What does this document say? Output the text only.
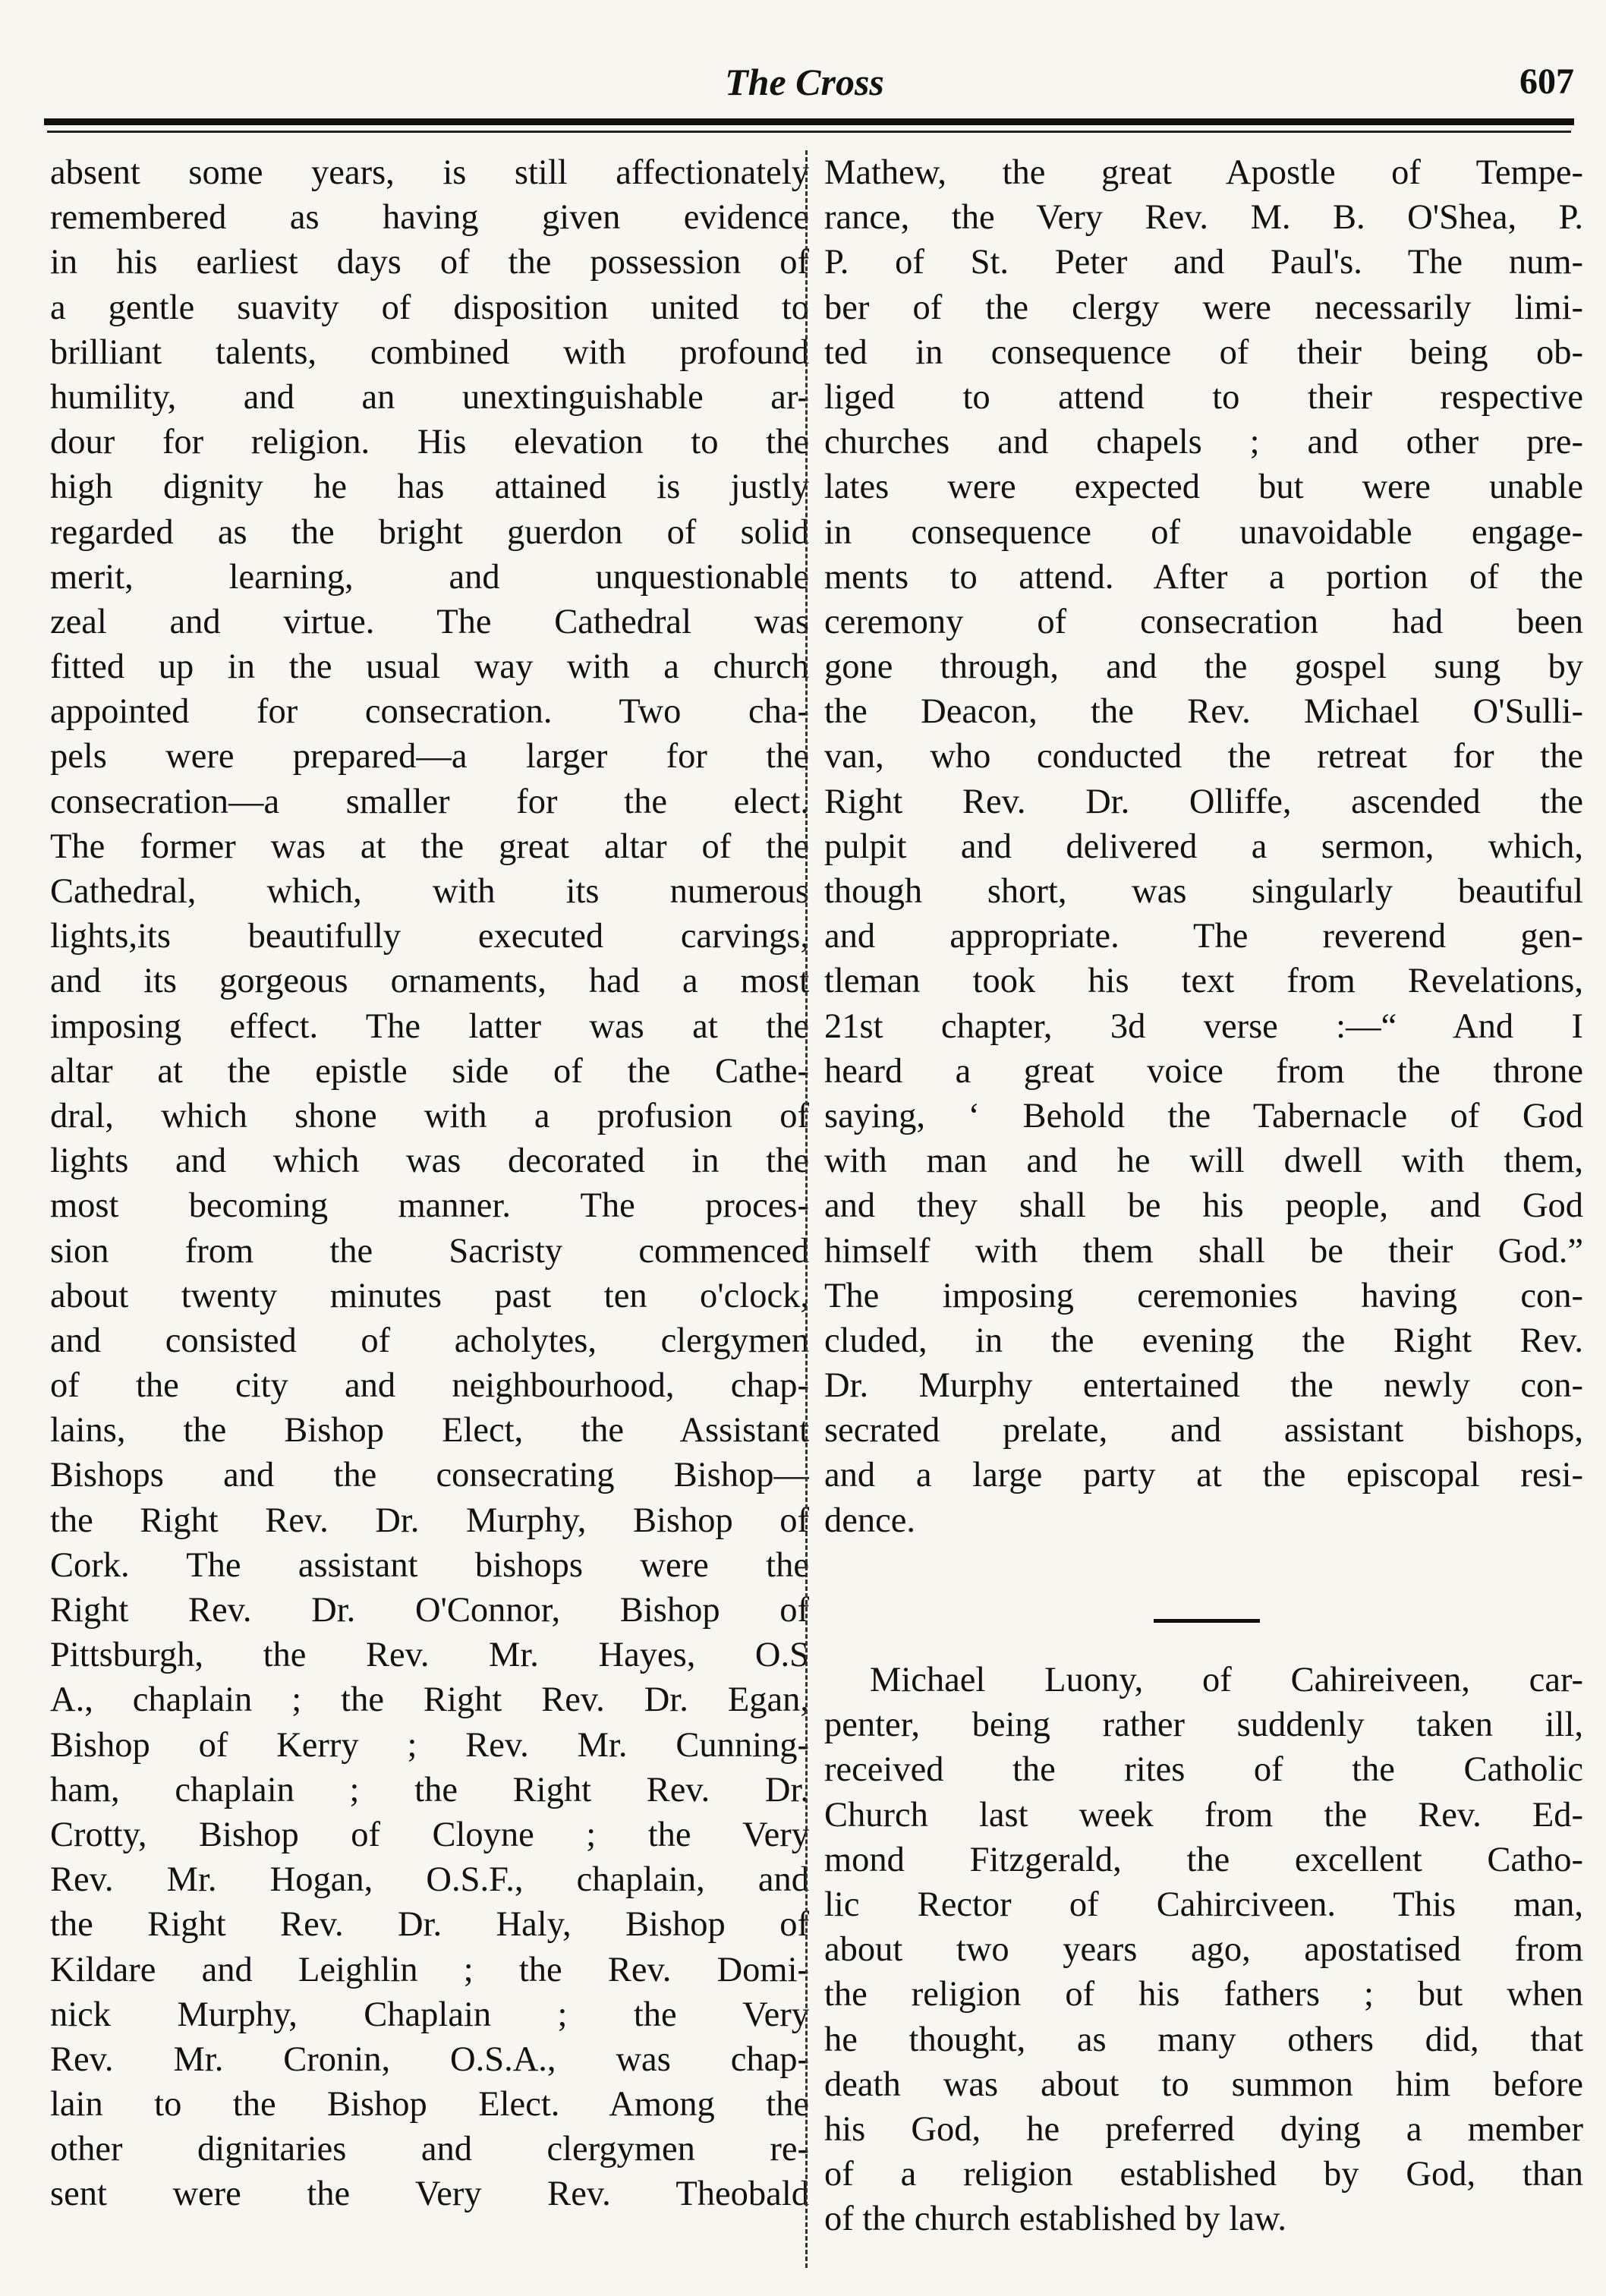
The Cross	607
absent some years, is still affectionately
remembered as having given evidence
in his earliest days of the possession of
a gentle suavity of disposition united to
brilliant talents, combined with profound
humility, and an unextinguishable ar-
dour for religion. His elevation to the
high dignity he has attained is justly
regarded as the bright guerdon of solid
merit, learning, and unquestionable
zeal and virtue. The Cathedral was
fitted up in the usual way with a church
appointed for consecration. Two cha-
pels were prepared—a larger for the
consecration—a smaller for the elect.
The former was at the great altar of the
Cathedral, which, with its numerous
lights,its beautifully executed carvings,
and its gorgeous ornaments, had a most
imposing effect. The latter was at the
altar at the epistle side of the Cathe-
dral, which shone with a profusion of
lights and which was decorated in the
most becoming manner. The proces-
sion from the Sacristy commenced
about twenty minutes past ten o'clock,
and consisted of acholytes, clergymen
of the city and neighbourhood, chap-
lains, the Bishop Elect, the Assistant
Bishops and the consecrating Bishop—
the Right Rev. Dr. Murphy, Bishop of
Cork. The assistant bishops were the
Right Rev. Dr. O'Connor, Bishop of
Pittsburgh, the Rev. Mr. Hayes, O.S
A., chaplain ; the Right Rev. Dr. Egan,
Bishop of Kerry ; Rev. Mr. Cunning-
ham, chaplain ; the Right Rev. Dr.
Crotty, Bishop of Cloyne ; the Very
Rev. Mr. Hogan, O.S.F., chaplain, and
the Right Rev. Dr. Haly, Bishop of
Kildare and Leighlin ; the Rev. Domi-
nick Murphy, Chaplain ; the Very
Rev. Mr. Cronin, O.S.A., was chap-
lain to the Bishop Elect. Among the
other dignitaries and clergymen re-
sent were the Very Rev. Theobald
Mathew, the great Apostle of Tempe-
rance, the Very Rev. M. B. O'Shea, P.
P. of St. Peter and Paul's. The num-
ber of the clergy were necessarily limi-
ted in consequence of their being ob-
liged to attend to their respective
churches and chapels ; and other pre-
lates were expected but were unable
in consequence of unavoidable engage-
ments to attend. After a portion of the
ceremony of consecration had been
gone through, and the gospel sung by
the Deacon, the Rev. Michael O'Sulli-
van, who conducted the retreat for the
Right Rev. Dr. Olliffe, ascended the
pulpit and delivered a sermon, which,
though short, was singularly beautiful
and appropriate. The reverend gen-
tleman took his text from Revelations,
21st chapter, 3d verse :—“ And I
heard a great voice from the throne
saying, ‘ Behold the Tabernacle of God
with man and he will dwell with them,
and they shall be his people, and God
himself with them shall be their God.”
The imposing ceremonies having con-
cluded, in the evening the Right Rev.
Dr. Murphy entertained the newly con-
secrated prelate, and assistant bishops,
and a large party at the episcopal resi-
dence.
Michael Luony, of Cahireiveen, car-
penter, being rather suddenly taken ill,
received the rites of the Catholic
Church last week from the Rev. Ed-
mond Fitzgerald, the excellent Catho-
lic Rector of Cahirciveen. This man,
about two years ago, apostatised from
the religion of his fathers ; but when
he thought, as many others did, that
death was about to summon him before
his God, he preferred dying a member
of a religion established by God, than
of the church established by law.
